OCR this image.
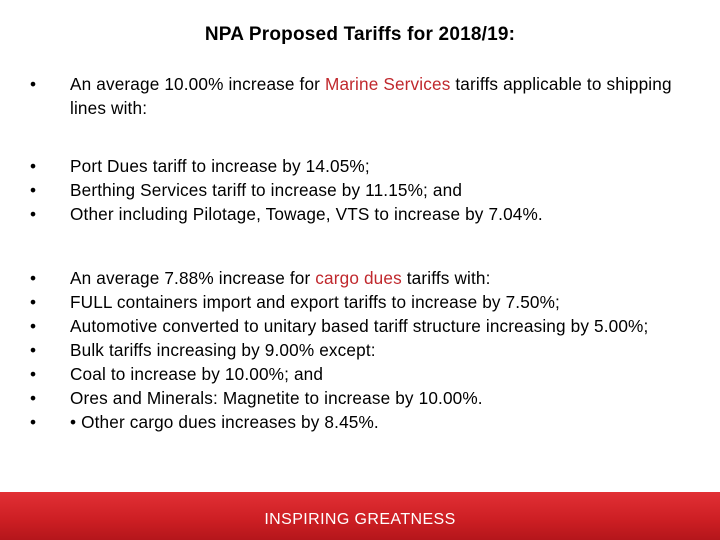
NPA Proposed Tariffs for 2018/19:
• An average 10.00% increase for Marine Services tariffs applicable to shipping lines with:
• Port Dues tariff to increase by 14.05%;
• Berthing Services tariff to increase by 11.15%; and
• Other including Pilotage, Towage, VTS to increase by 7.04%.
• An average 7.88% increase for cargo dues tariffs with:
• FULL containers import and export tariffs to increase by 7.50%;
• Automotive converted to unitary based tariff structure increasing by 5.00%;
• Bulk tariffs increasing by 9.00% except:
• Coal to increase by 10.00%; and
• Ores and Minerals: Magnetite to increase by 10.00%.
• • Other cargo dues increases by 8.45%.
INSPIRING GREATNESS
